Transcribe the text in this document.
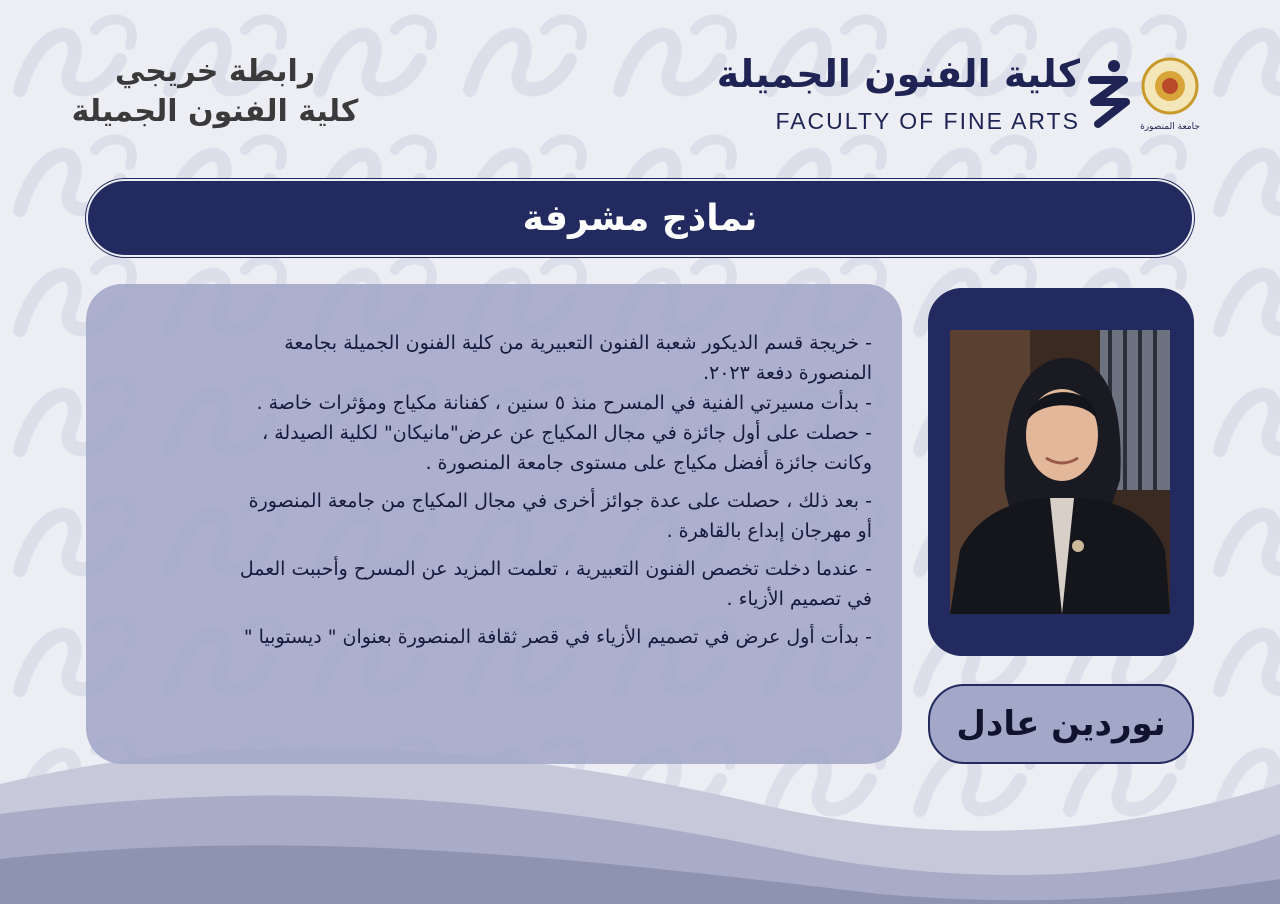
رابطة خريجي
كلية الفنون الجميلة
كلية الفنون الجميلة
FACULTY OF FINE ARTS	جامعة المنصورة
نماذج مشرفة
- خريجة قسم الديكور شعبة الفنون التعبيرية من كلية الفنون الجميلة بجامعة
المنصورة دفعة ٢٠٢٣.
- بدأت مسيرتي الفنية في المسرح منذ ٥ سنين ، كفنانة مكياج ومؤثرات خاصة .
- حصلت على أول جائزة في مجال المكياج عن عرض"مانيكان" لكلية الصيدلة ،
وكانت جائزة أفضل مكياج على مستوى جامعة المنصورة .
- بعد ذلك ، حصلت على عدة جوائز أخرى في مجال المكياج من جامعة المنصورة
أو مهرجان إبداع بالقاهرة .
- عندما دخلت تخصص الفنون التعبيرية ، تعلمت المزيد عن المسرح وأحببت العمل
في تصميم الأزياء .
- بدأت أول عرض في تصميم الأزياء في قصر ثقافة المنصورة بعنوان " ديستوبيا "
نوردين عادل
